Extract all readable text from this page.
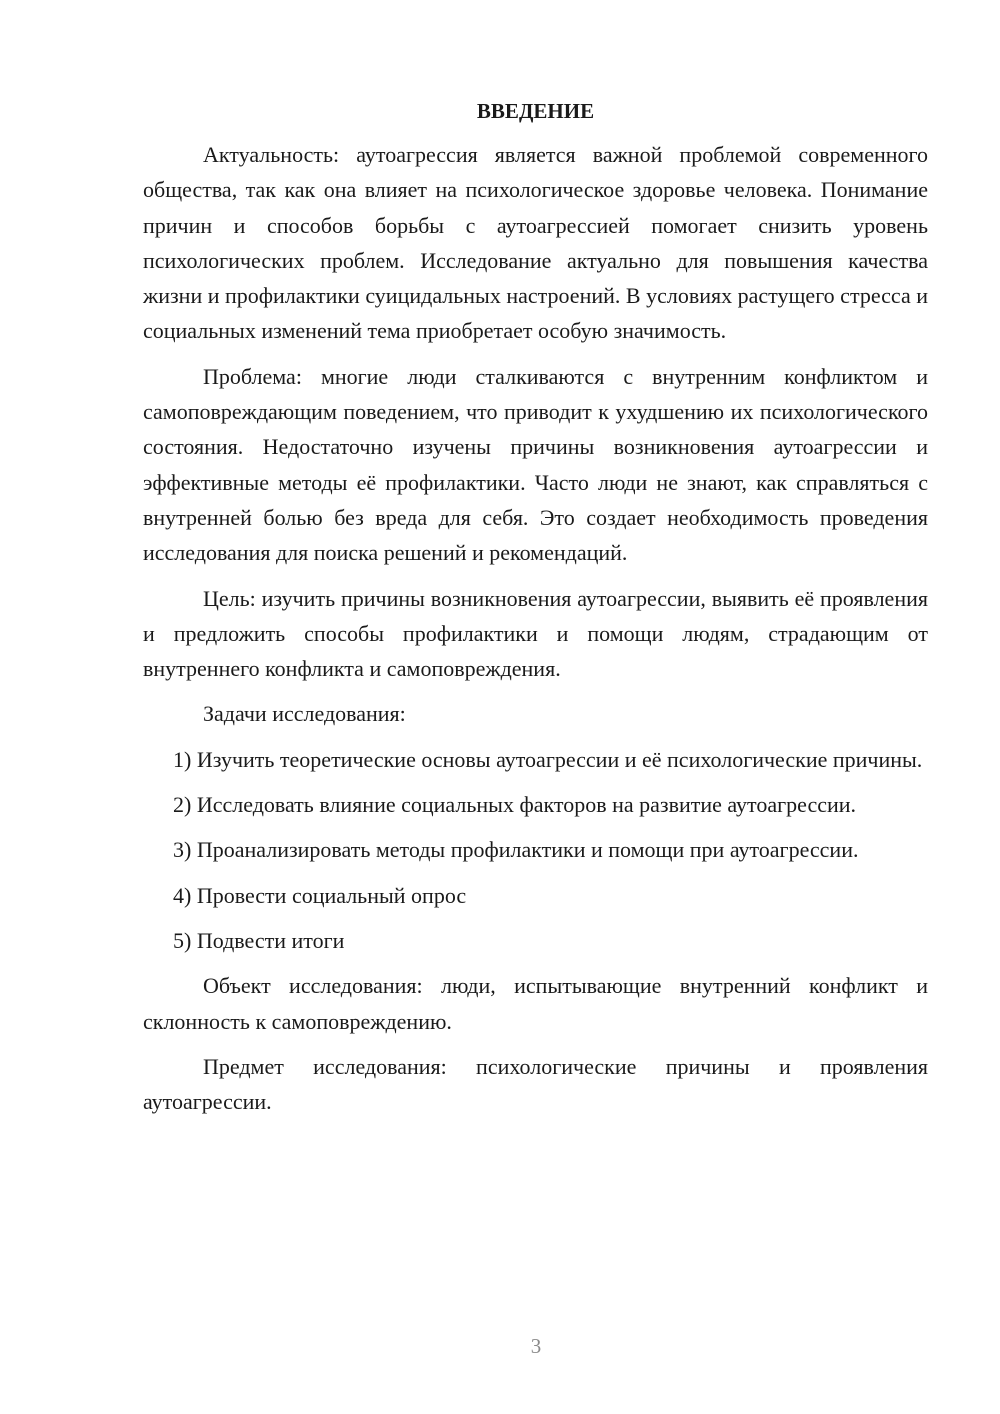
ВВЕДЕНИЕ

Актуальность: аутоагрессия является важной проблемой современного общества, так как она влияет на психологическое здоровье человека. Понимание причин и способов борьбы с аутоагрессией помогает снизить уровень психологических проблем. Исследование актуально для повышения качества жизни и профилактики суицидальных настроений. В условиях растущего стресса и социальных изменений тема приобретает особую значимость.

Проблема: многие люди сталкиваются с внутренним конфликтом и самоповреждающим поведением, что приводит к ухудшению их психологического состояния. Недостаточно изучены причины возникновения аутоагрессии и эффективные методы её профилактики. Часто люди не знают, как справляться с внутренней болью без вреда для себя. Это создает необходимость проведения исследования для поиска решений и рекомендаций.

Цель: изучить причины возникновения аутоагрессии, выявить её проявления и предложить способы профилактики и помощи людям, страдающим от внутреннего конфликта и самоповреждения.

Задачи исследования:

1) Изучить теоретические основы аутоагрессии и её психологические причины.

2) Исследовать влияние социальных факторов на развитие аутоагрессии.

3) Проанализировать методы профилактики и помощи при аутоагрессии.

4) Провести социальный опрос

5) Подвести итоги

Объект исследования: люди, испытывающие внутренний конфликт и склонность к самоповреждению.

Предмет исследования: психологические причины и проявления аутоагрессии.

3
